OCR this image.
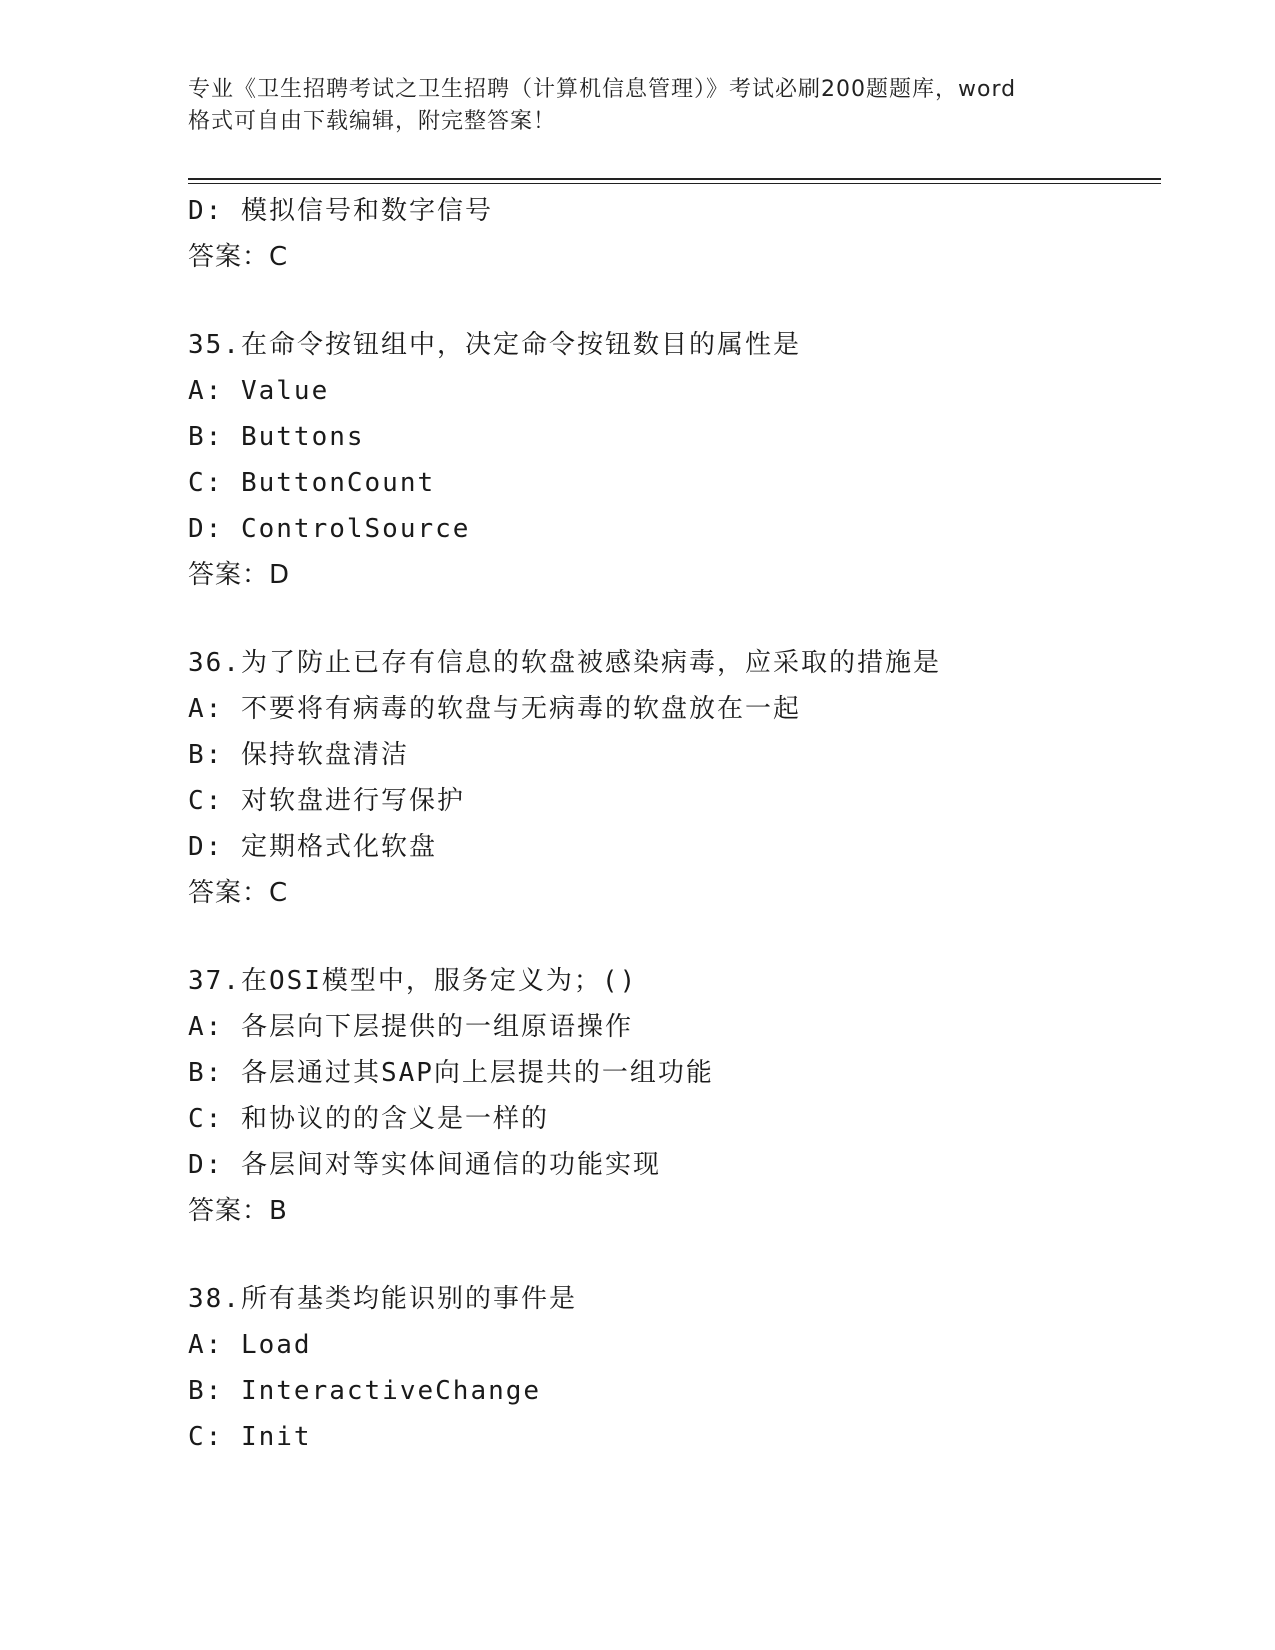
专业《卫生招聘考试之卫生招聘（计算机信息管理）》考试必刷200题题库，word
格式可自由下载编辑，附完整答案！
D: 模拟信号和数字信号
答案：C
35.在命令按钮组中，决定命令按钮数目的属性是
A: Value
B: Buttons
C: ButtonCount
D: ControlSource
答案：D
36.为了防止已存有信息的软盘被感染病毒，应采取的措施是
A: 不要将有病毒的软盘与无病毒的软盘放在一起
B: 保持软盘清洁
C: 对软盘进行写保护
D: 定期格式化软盘
答案：C
37.在OSI模型中，服务定义为；()
A: 各层向下层提供的一组原语操作
B: 各层通过其SAP向上层提共的一组功能
C: 和协议的的含义是一样的
D: 各层间对等实体间通信的功能实现
答案：B
38.所有基类均能识别的事件是
A: Load
B: InteractiveChange
C: Init
